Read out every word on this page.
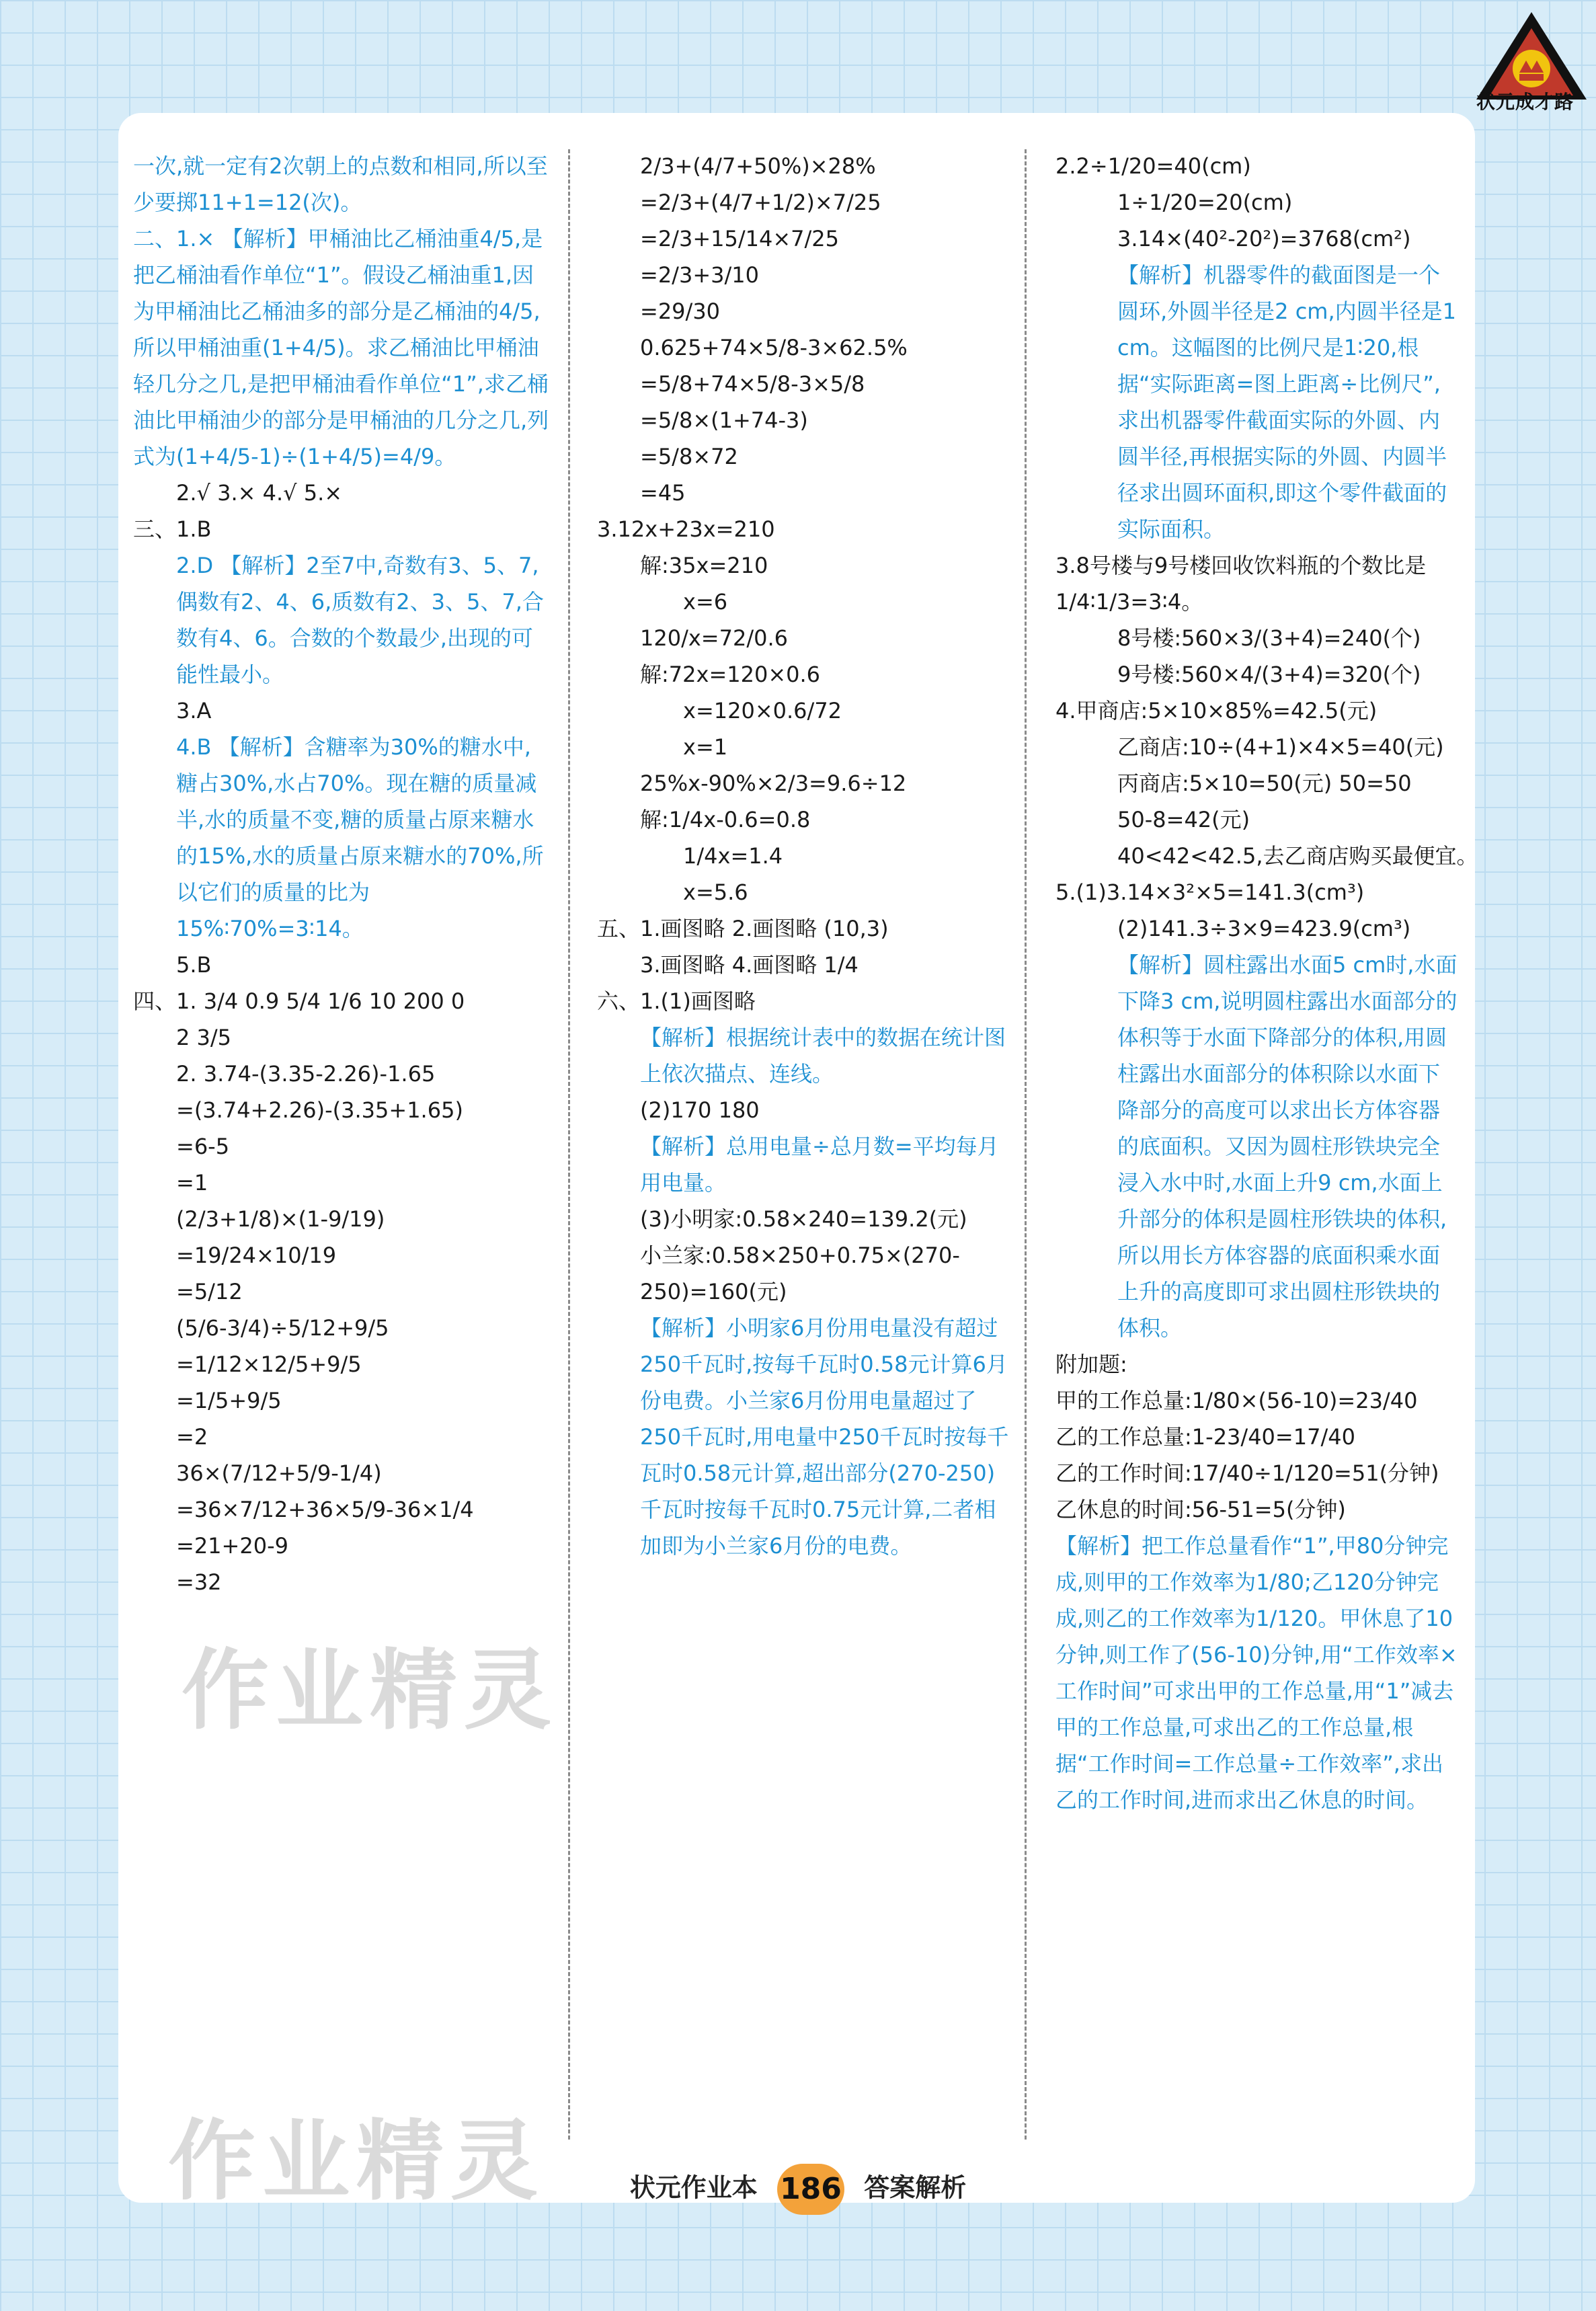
状元成才路
一次,就一定有2次朝上的点数和相同,所以至少要掷11+1=12(次)。
二、1.× 【解析】甲桶油比乙桶油重4/5,是把乙桶油看作单位“1”。假设乙桶油重1,因为甲桶油比乙桶油多的部分是乙桶油的4/5,所以甲桶油重(1+4/5)。求乙桶油比甲桶油轻几分之几,是把甲桶油看作单位“1”,求乙桶油比甲桶油少的部分是甲桶油的几分之几,列式为(1+4/5-1)÷(1+4/5)=4/9。
2.√ 3.× 4.√ 5.×
三、1.B
2.D 【解析】2至7中,奇数有3、5、7,偶数有2、4、6,质数有2、3、5、7,合数有4、6。合数的个数最少,出现的可能性最小。
3.A
4.B 【解析】含糖率为30%的糖水中,糖占30%,水占70%。现在糖的质量减半,水的质量不变,糖的质量占原来糖水的15%,水的质量占原来糖水的70%,所以它们的质量的比为15%∶70%=3∶14。
5.B
四、1. 3/4 0.9 5/4 1/6 10 200 0
2 3/5
2. 3.74-(3.35-2.26)-1.65
=(3.74+2.26)-(3.35+1.65)
=6-5
=1
(2/3+1/8)×(1-9/19)
=19/24×10/19
=5/12
(5/6-3/4)÷5/12+9/5
=1/12×12/5+9/5
=1/5+9/5
=2
36×(7/12+5/9-1/4)
=36×7/12+36×5/9-36×1/4
=21+20-9
=32
2/3+(4/7+50%)×28%
=2/3+(4/7+1/2)×7/25
=2/3+15/14×7/25
=2/3+3/10
=29/30
0.625+74×5/8-3×62.5%
=5/8+74×5/8-3×5/8
=5/8×(1+74-3)
=5/8×72
=45
3.12x+23x=210
解:35x=210
x=6
120/x=72/0.6
解:72x=120×0.6
x=120×0.6/72
x=1
25%x-90%×2/3=9.6÷12
解:1/4x-0.6=0.8
1/4x=1.4
x=5.6
五、1.画图略 2.画图略 (10,3)
3.画图略 4.画图略 1/4
六、1.(1)画图略
【解析】根据统计表中的数据在统计图上依次描点、连线。
(2)170 180
【解析】总用电量÷总月数=平均每月用电量。
(3)小明家:0.58×240=139.2(元)
小兰家:0.58×250+0.75×(270-250)=160(元)
【解析】小明家6月份用电量没有超过250千瓦时,按每千瓦时0.58元计算6月份电费。小兰家6月份用电量超过了250千瓦时,用电量中250千瓦时按每千瓦时0.58元计算,超出部分(270-250)千瓦时按每千瓦时0.75元计算,二者相加即为小兰家6月份的电费。
2.2÷1/20=40(cm)
1÷1/20=20(cm)
3.14×(40²-20²)=3768(cm²)
【解析】机器零件的截面图是一个圆环,外圆半径是2 cm,内圆半径是1 cm。这幅图的比例尺是1∶20,根据“实际距离=图上距离÷比例尺”,求出机器零件截面实际的外圆、内圆半径,再根据实际的外圆、内圆半径求出圆环面积,即这个零件截面的实际面积。
3.8号楼与9号楼回收饮料瓶的个数比是1/4∶1/3=3∶4。
8号楼:560×3/(3+4)=240(个)
9号楼:560×4/(3+4)=320(个)
4.甲商店:5×10×85%=42.5(元)
乙商店:10÷(4+1)×4×5=40(元)
丙商店:5×10=50(元) 50=50
50-8=42(元)
40<42<42.5,去乙商店购买最便宜。
5.(1)3.14×3²×5=141.3(cm³)
(2)141.3÷3×9=423.9(cm³)
【解析】圆柱露出水面5 cm时,水面下降3 cm,说明圆柱露出水面部分的体积等于水面下降部分的体积,用圆柱露出水面部分的体积除以水面下降部分的高度可以求出长方体容器的底面积。又因为圆柱形铁块完全浸入水中时,水面上升9 cm,水面上升部分的体积是圆柱形铁块的体积,所以用长方体容器的底面积乘水面上升的高度即可求出圆柱形铁块的体积。
附加题:
甲的工作总量:1/80×(56-10)=23/40
乙的工作总量:1-23/40=17/40
乙的工作时间:17/40÷1/120=51(分钟)
乙休息的时间:56-51=5(分钟)
【解析】把工作总量看作“1”,甲80分钟完成,则甲的工作效率为1/80;乙120分钟完成,则乙的工作效率为1/120。甲休息了10分钟,则工作了(56-10)分钟,用“工作效率×工作时间”可求出甲的工作总量,用“1”减去甲的工作总量,可求出乙的工作总量,根据“工作时间=工作总量÷工作效率”,求出乙的工作时间,进而求出乙休息的时间。
作业精灵
作业精灵	状元作业本 186 答案解析
